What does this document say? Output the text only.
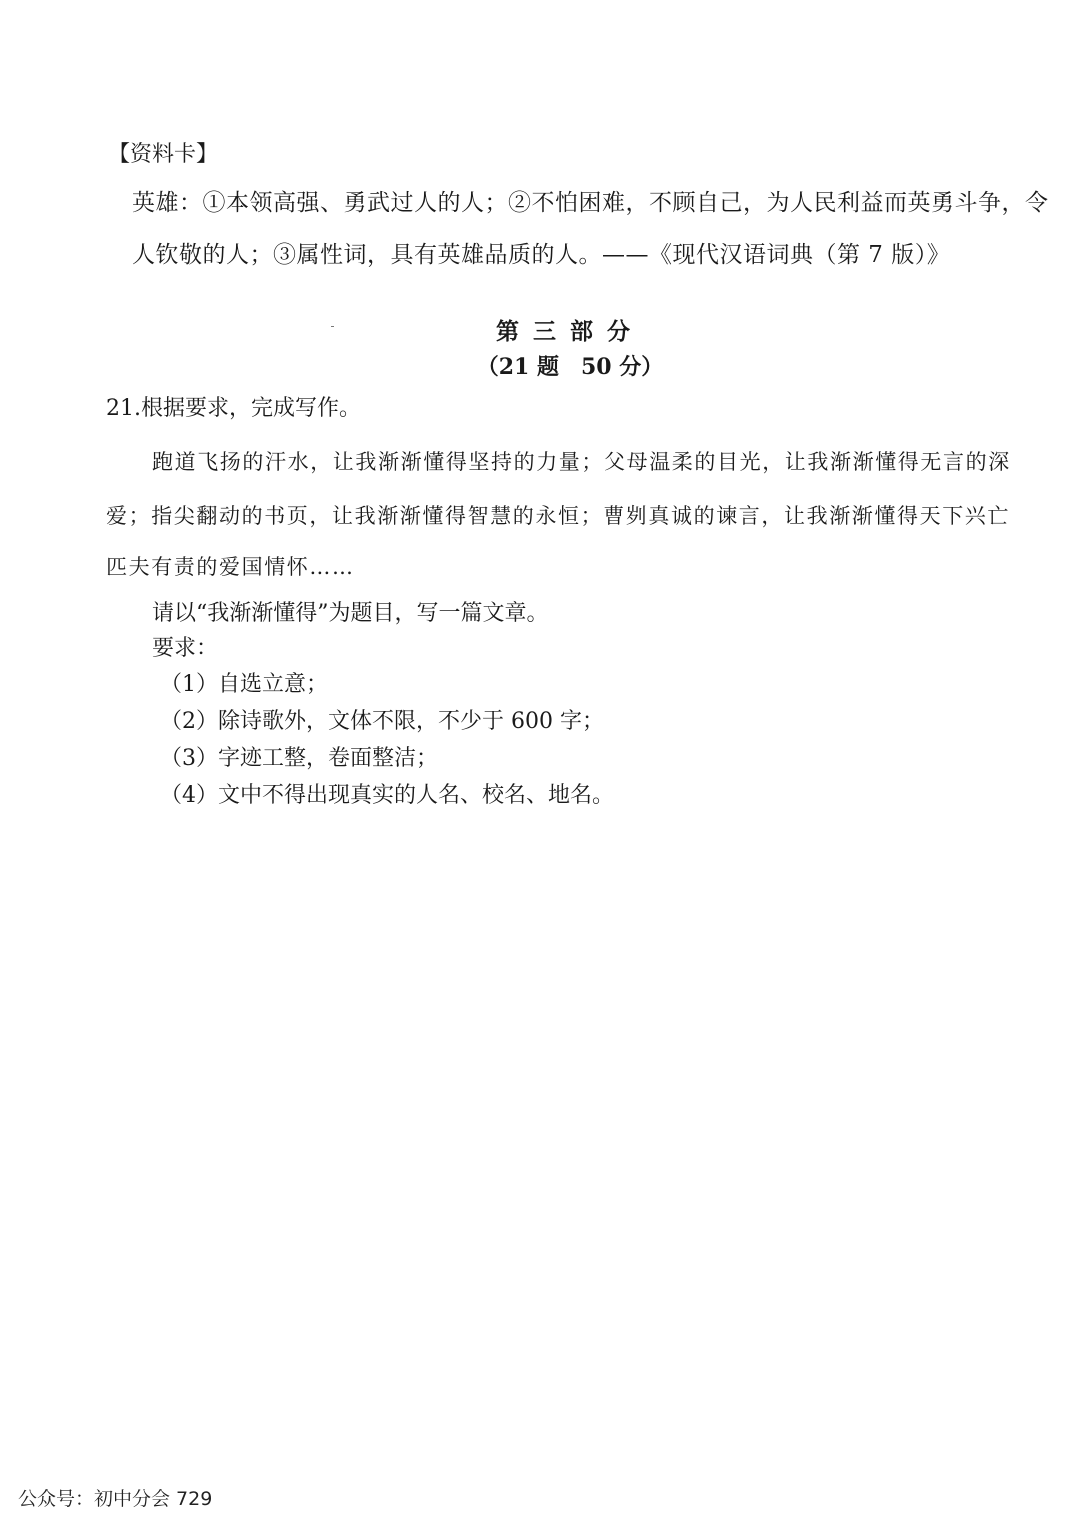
【资料卡】
英雄：①本领高强、勇武过人的人；②不怕困难，不顾自己，为人民利益而英勇斗争，令
人钦敬的人；③属性词，具有英雄品质的人。——《现代汉语词典（第 7 版）》
第三部分
（21 题　50 分）
21.根据要求，完成写作。
跑道飞扬的汗水，让我渐渐懂得坚持的力量；父母温柔的目光，让我渐渐懂得无言的深
爱；指尖翻动的书页，让我渐渐懂得智慧的永恒；曹刿真诚的谏言，让我渐渐懂得天下兴亡
匹夫有责的爱国情怀……
请以“我渐渐懂得”为题目，写一篇文章。
要求：
（1）自选立意；
（2）除诗歌外，文体不限，不少于 600 字；
（3）字迹工整，卷面整洁；
（4）文中不得出现真实的人名、校名、地名。
公众号：初中分会 729
